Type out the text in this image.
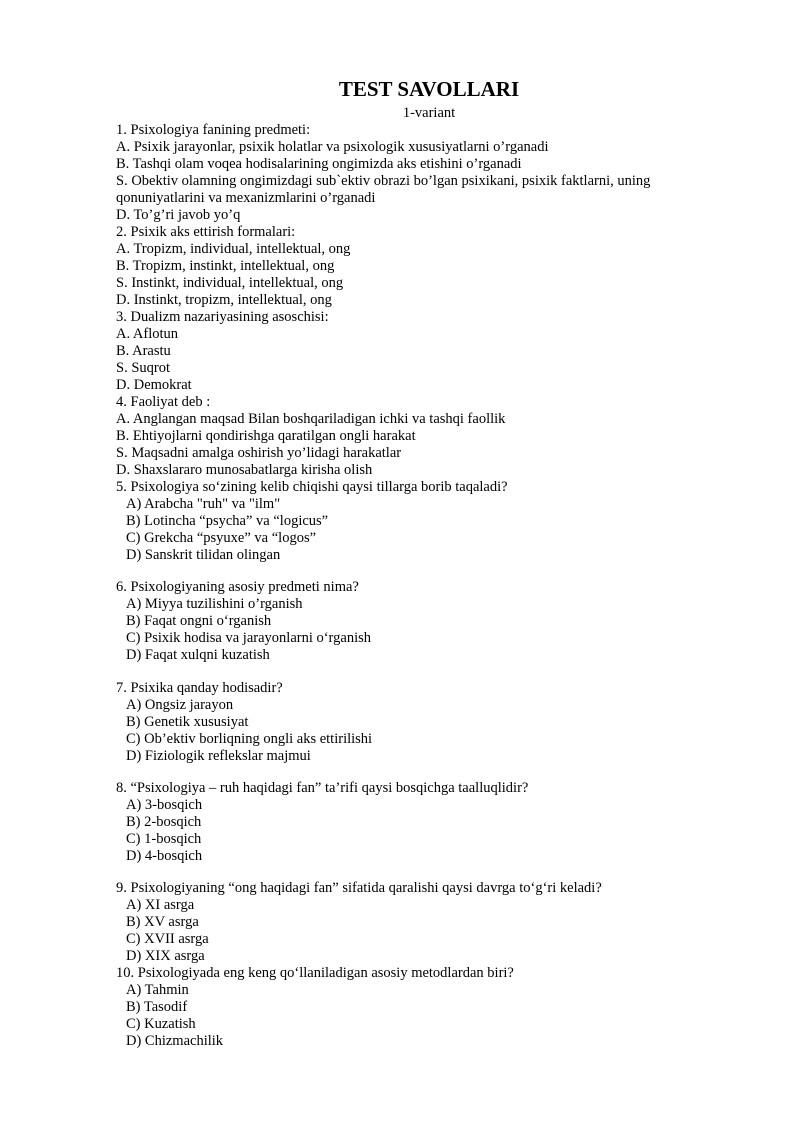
TEST SAVOLLARI
1-variant
1. Psixologiya fanining predmeti:
A. Psixik jarayonlar, psixik holatlar va psixologik xususiyatlarni o’rganadi
B. Tashqi olam voqea hodisalarining ongimizda aks etishini o’rganadi
S. Obektiv olamning ongimizdagi sub`ektiv obrazi bo’lgan psixikani, psixik faktlarni, uning
qonuniyatlarini va mexanizmlarini o’rganadi
D. To’g’ri javob yo’q
2. Psixik aks ettirish formalari:
A. Tropizm, individual, intellektual, ong
B. Tropizm, instinkt, intellektual, ong
S. Instinkt, individual, intellektual, ong
D. Instinkt, tropizm, intellektual, ong
3. Dualizm nazariyasining asoschisi:
A. Aflotun
B. Arastu
S. Suqrot
D. Demokrat
4. Faoliyat deb :
A. Anglangan maqsad Bilan boshqariladigan ichki va tashqi faollik
B. Ehtiyojlarni qondirishga qaratilgan ongli harakat
S. Maqsadni amalga oshirish yo’lidagi harakatlar
D. Shaxslararo munosabatlarga kirisha olish
5. Psixologiya so‘zining kelib chiqishi qaysi tillarga borib taqaladi?
A) Arabcha "ruh" va "ilm"
B) Lotincha “psycha” va “logicus”
C) Grekcha “psyuxe” va “logos”
D) Sanskrit tilidan olingan
6. Psixologiyaning asosiy predmeti nima?
A) Miyya tuzilishini o’rganish
B) Faqat ongni o‘rganish
C) Psixik hodisa va jarayonlarni o‘rganish
D) Faqat xulqni kuzatish
7. Psixika qanday hodisadir?
A) Ongsiz jarayon
B) Genetik xususiyat
C) Ob’ektiv borliqning ongli aks ettirilishi
D) Fiziologik reflekslar majmui
8. “Psixologiya – ruh haqidagi fan” ta’rifi qaysi bosqichga taalluqlidir?
A) 3-bosqich
B) 2-bosqich
C) 1-bosqich
D) 4-bosqich
9. Psixologiyaning “ong haqidagi fan” sifatida qaralishi qaysi davrga to‘g‘ri keladi?
A) XI asrga
B) XV asrga
C) XVII asrga
D) XIX asrga
10. Psixologiyada eng keng qo‘llaniladigan asosiy metodlardan biri?
A) Tahmin
B) Tasodif
C) Kuzatish
D) Chizmachilik
